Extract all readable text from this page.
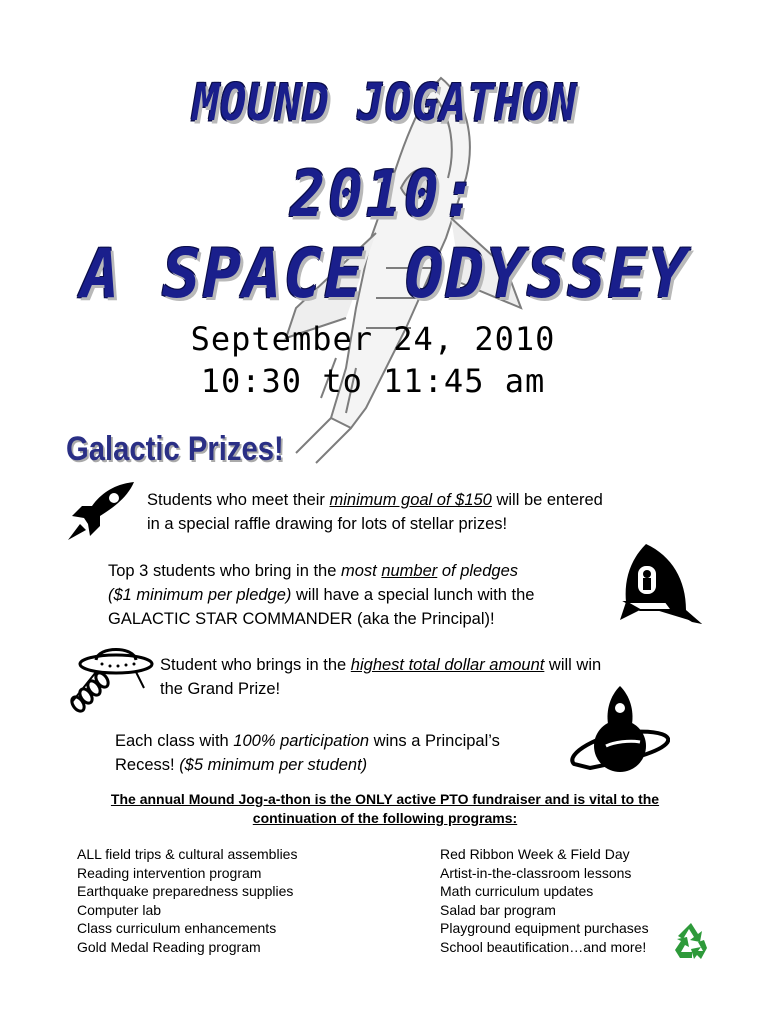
MOUND JOGATHON
2010:
A SPACE ODYSSEY
September 24, 2010
10:30 to 11:45 am
Galactic Prizes!
Students who meet their minimum goal of $150 will be entered
in a special raffle drawing for lots of stellar prizes!
Top 3 students who bring in the most number of pledges
($1 minimum per pledge) will have a special lunch with the
GALACTIC STAR COMMANDER (aka the Principal)!
Student who brings in the highest total dollar amount will win
the Grand Prize!
Each class with 100% participation wins a Principal’s
Recess! ($5 minimum per student)
The annual Mound Jog-a-thon is the ONLY active PTO fundraiser and is vital to the
continuation of the following programs:
ALL field trips & cultural assemblies
Reading intervention program
Earthquake preparedness supplies
Computer lab
Class curriculum enhancements
Gold Medal Reading program
Red Ribbon Week & Field Day
Artist-in-the-classroom lessons
Math curriculum updates
Salad bar program
Playground equipment purchases
School beautification…and more!
